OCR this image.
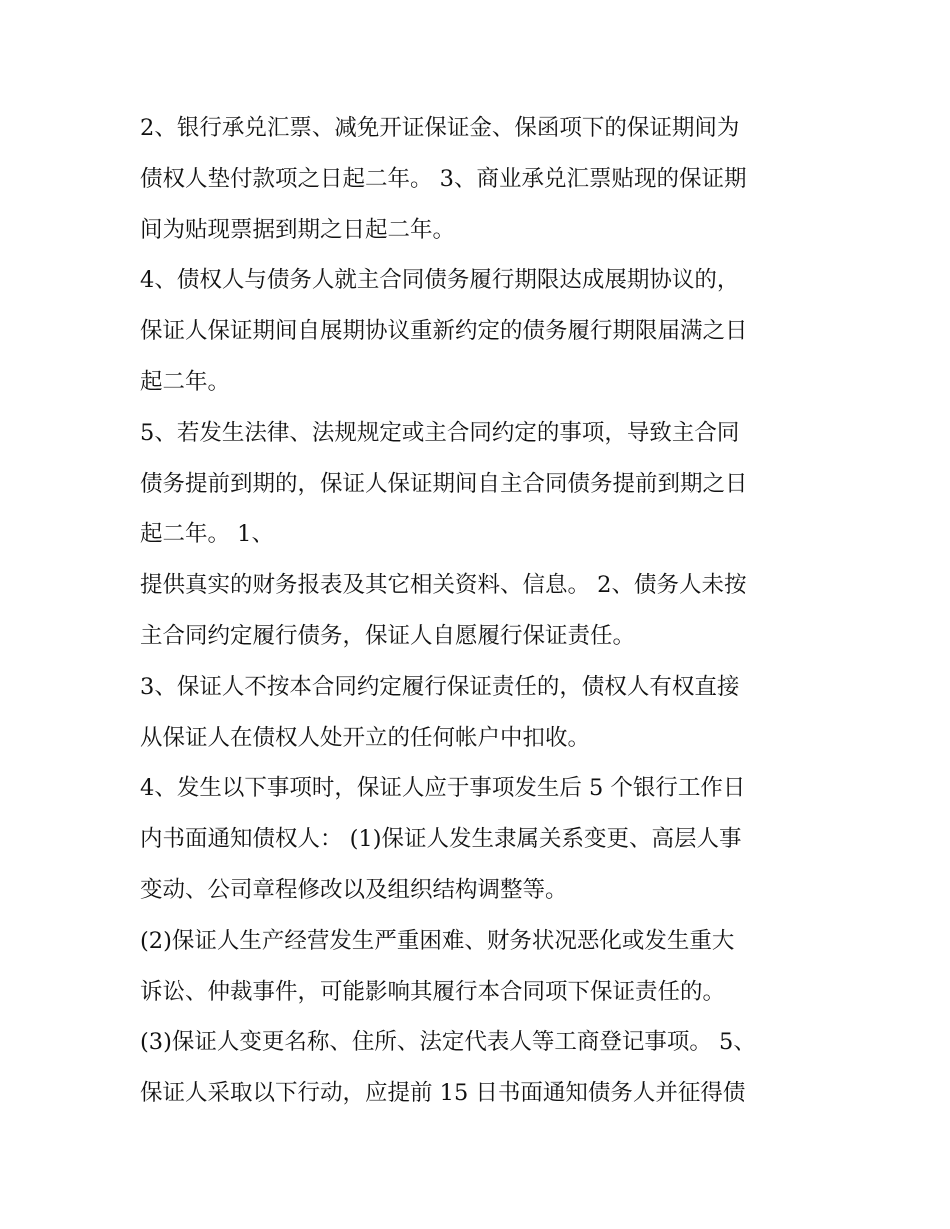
2、银行承兑汇票、减免开证保证金、保函项下的保证期间为
债权人垫付款项之日起二年。 3、商业承兑汇票贴现的保证期
间为贴现票据到期之日起二年。
4、债权人与债务人就主合同债务履行期限达成展期协议的，
保证人保证期间自展期协议重新约定的债务履行期限届满之日
起二年。
5、若发生法律、法规规定或主合同约定的事项，导致主合同
债务提前到期的，保证人保证期间自主合同债务提前到期之日
起二年。 1、
提供真实的财务报表及其它相关资料、信息。 2、债务人未按
主合同约定履行债务，保证人自愿履行保证责任。
3、保证人不按本合同约定履行保证责任的，债权人有权直接
从保证人在债权人处开立的任何帐户中扣收。
4、发生以下事项时，保证人应于事项发生后 5 个银行工作日
内书面通知债权人： (1)保证人发生隶属关系变更、高层人事
变动、公司章程修改以及组织结构调整等。
(2)保证人生产经营发生严重困难、财务状况恶化或发生重大
诉讼、仲裁事件，可能影响其履行本合同项下保证责任的。
(3)保证人变更名称、住所、法定代表人等工商登记事项。 5、
保证人采取以下行动，应提前 15 日书面通知债务人并征得债
